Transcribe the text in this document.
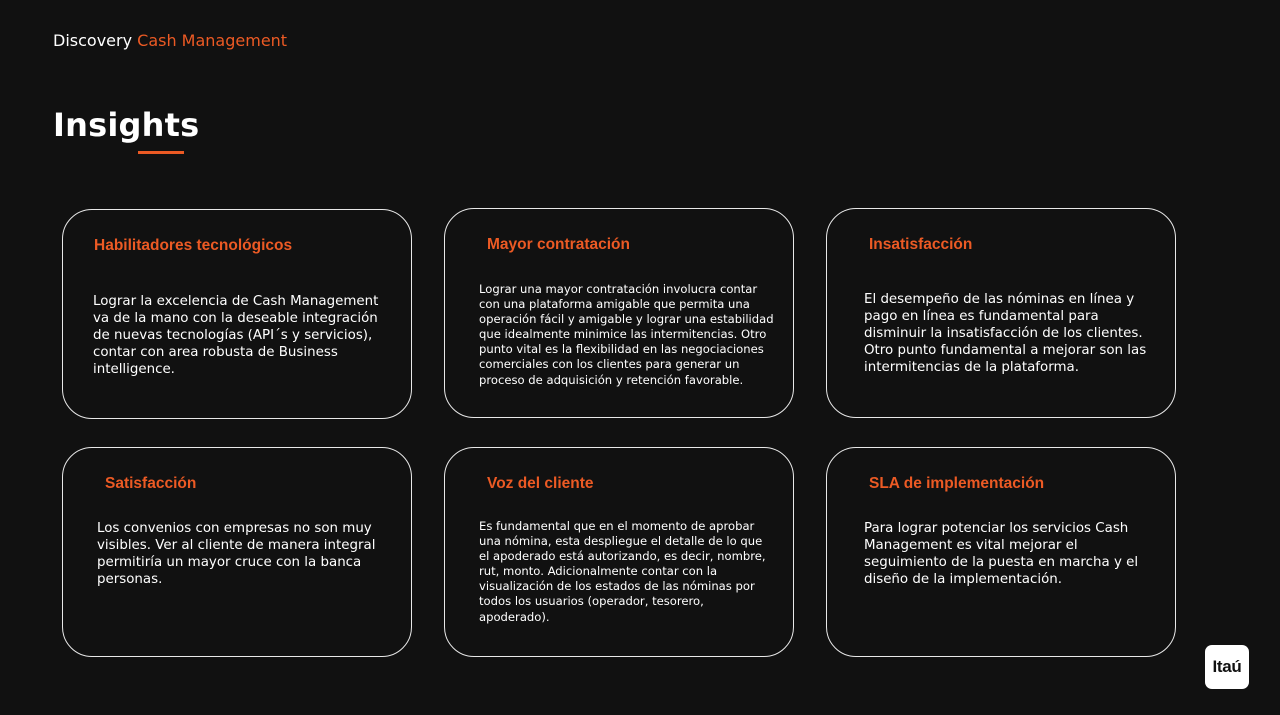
Discovery Cash Management
Insights
Habilitadores tecnológicos
Lograr la excelencia de Cash Management va de la mano con la deseable integración de nuevas tecnologías (API´s y servicios), contar con area robusta de Business intelligence.
Mayor contratación
Lograr una mayor contratación involucra contar con una plataforma amigable que permita una operación fácil y amigable y lograr una estabilidad que idealmente minimice las intermitencias. Otro punto vital es la flexibilidad en las negociaciones comerciales con los clientes para generar un proceso de adquisición y retención favorable.
Insatisfacción
El desempeño de las nóminas en línea y pago en línea es fundamental para disminuir la insatisfacción de los clientes. Otro punto fundamental a mejorar son las intermitencias de la plataforma.
Satisfacción
Los convenios con empresas no son muy visibles. Ver al cliente de manera integral permitiría un mayor cruce con la banca personas.
Voz del cliente
Es fundamental que en el momento de aprobar una nómina, esta despliegue el detalle de lo que el apoderado está autorizando, es decir, nombre, rut, monto. Adicionalmente contar con la visualización de los estados de las nóminas por todos los usuarios (operador, tesorero, apoderado).
SLA de implementación
Para lograr potenciar los servicios Cash Management es vital mejorar el seguimiento de la puesta en marcha y el diseño de la implementación.
Itaú
